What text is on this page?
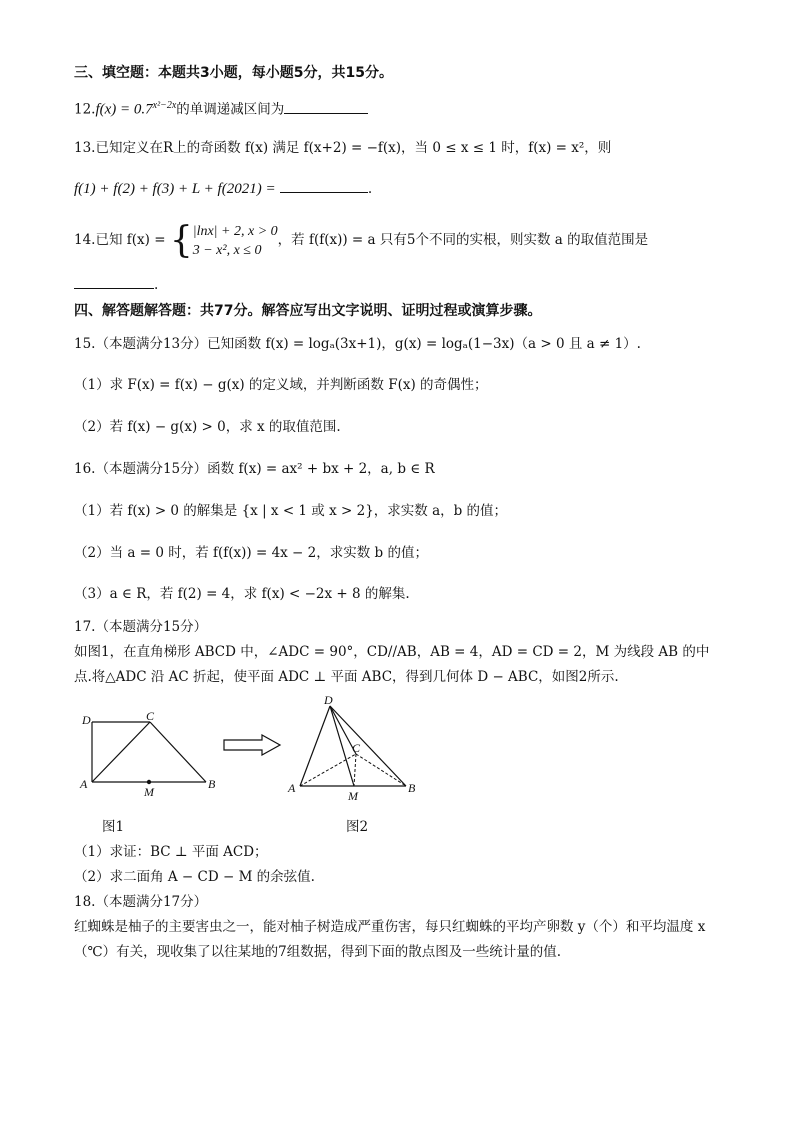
三、填空题：本题共3小题，每小题5分，共15分。
$12.f(x) = 0.7^{x^2-2x}$的单调递减区间为
13.已知定义在R上的奇函数 f(x) 满足 f(x+2) = −f(x)，当 0 ≤ x ≤ 1 时，f(x) = x²，则
f(1) + f(2) + f(3) + L + f(2021) =	.
14.已知 f(x) = {|lnx| + 2, x > 0
3 − x², x ≤ 0，若 f(f(x)) = a 只有5个不同的实根，则实数 a 的取值范围是
.
四、解答题解答题：共77分。解答应写出文字说明、证明过程或演算步骤。
15.（本题满分13分）已知函数 f(x) = logₐ(3x+1)，g(x) = logₐ(1−3x)（a > 0 且 a ≠ 1）.
（1）求 F(x) = f(x) − g(x) 的定义域，并判断函数 F(x) 的奇偶性；
（2）若 f(x) − g(x) > 0，求 x 的取值范围.
16.（本题满分15分）函数 f(x) = ax² + bx + 2，a, b ∈ R
（1）若 f(x) > 0 的解集是 {x | x < 1 或 x > 2}，求实数 a，b 的值；
（2）当 a = 0 时，若 f(f(x)) = 4x − 2，求实数 b 的值；
（3）a ∈ R，若 f(2) = 4，求 f(x) < −2x + 8 的解集.
17.（本题满分15分）
如图1，在直角梯形 ABCD 中，∠ADC = 90°，CD//AB，AB = 4，AD = CD = 2，M 为线段 AB 的中
点.将△ADC 沿 AC 折起，使平面 ADC ⊥ 平面 ABC，得到几何体 D − ABC，如图2所示.
D	C
A
M
B
D
C
A
M
B
图1	图2
（1）求证：BC ⊥ 平面 ACD；
（2）求二面角 A − CD − M 的余弦值.
18.（本题满分17分）
红蜘蛛是柚子的主要害虫之一，能对柚子树造成严重伤害，每只红蜘蛛的平均产卵数 y（个）和平均温度 x
（℃）有关，现收集了以往某地的7组数据，得到下面的散点图及一些统计量的值.
